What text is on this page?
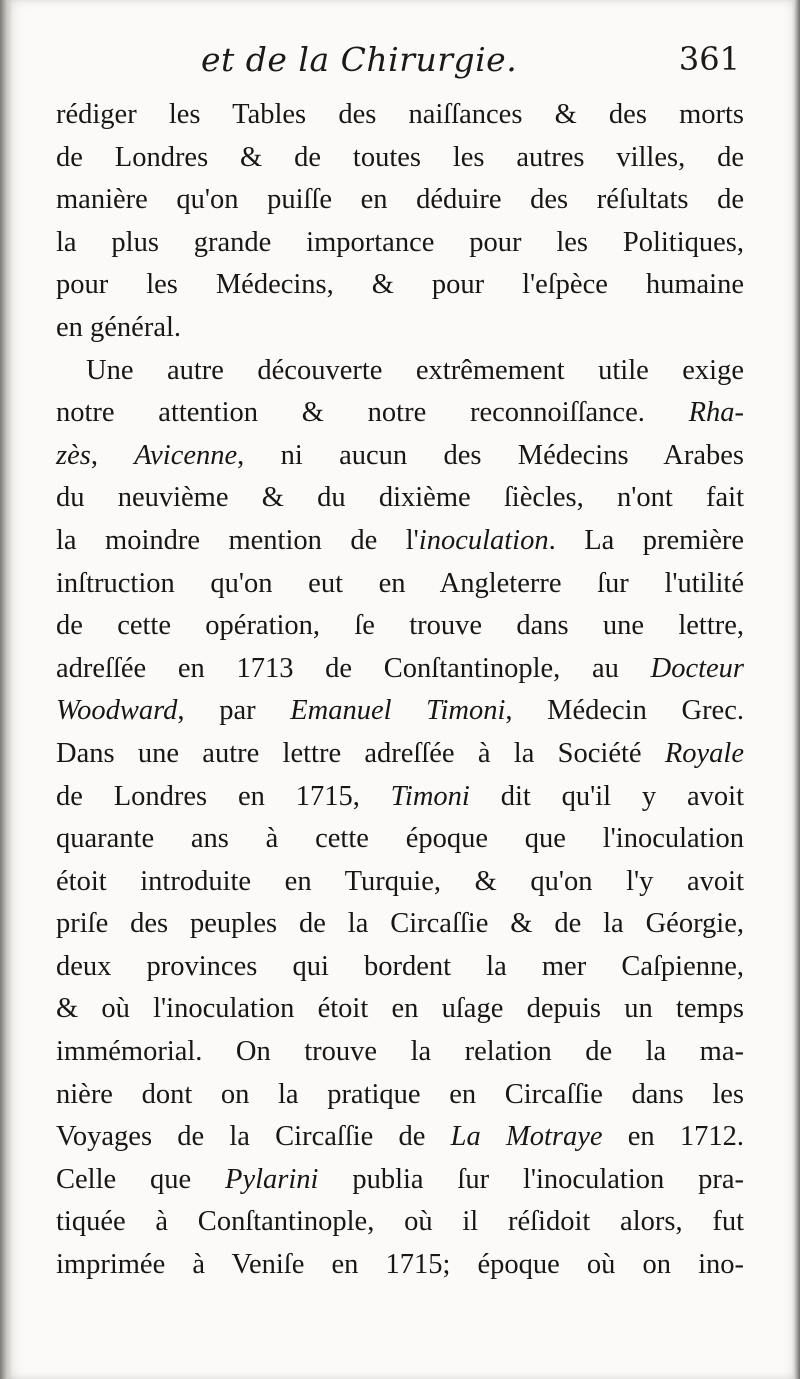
et de la Chirurgie.	361
rédiger les Tables des naiſſances & des morts
de Londres & de toutes les autres villes, de
manière qu'on puiſſe en déduire des réſultats de
la plus grande importance pour les Politiques,
pour les Médecins, & pour l'eſpèce humaine
en général.
Une autre découverte extrêmement utile exige
notre attention & notre reconnoiſſance. Rha-
zès, Avicenne, ni aucun des Médecins Arabes
du neuvième & du dixième ſiècles, n'ont fait
la moindre mention de l'inoculation. La première
inſtruction qu'on eut en Angleterre ſur l'utilité
de cette opération, ſe trouve dans une lettre,
adreſſée en 1713 de Conſtantinople, au Docteur
Woodward, par Emanuel Timoni, Médecin Grec.
Dans une autre lettre adreſſée à la Société Royale
de Londres en 1715, Timoni dit qu'il y avoit
quarante ans à cette époque que l'inoculation
étoit introduite en Turquie, & qu'on l'y avoit
priſe des peuples de la Circaſſie & de la Géorgie,
deux provinces qui bordent la mer Caſpienne,
& où l'inoculation étoit en uſage depuis un temps
immémorial. On trouve la relation de la ma-
nière dont on la pratique en Circaſſie dans les
Voyages de la Circaſſie de La Motraye en 1712.
Celle que Pylarini publia ſur l'inoculation pra-
tiquée à Conſtantinople, où il réſidoit alors, fut
imprimée à Veniſe en 1715; époque où on ino-
